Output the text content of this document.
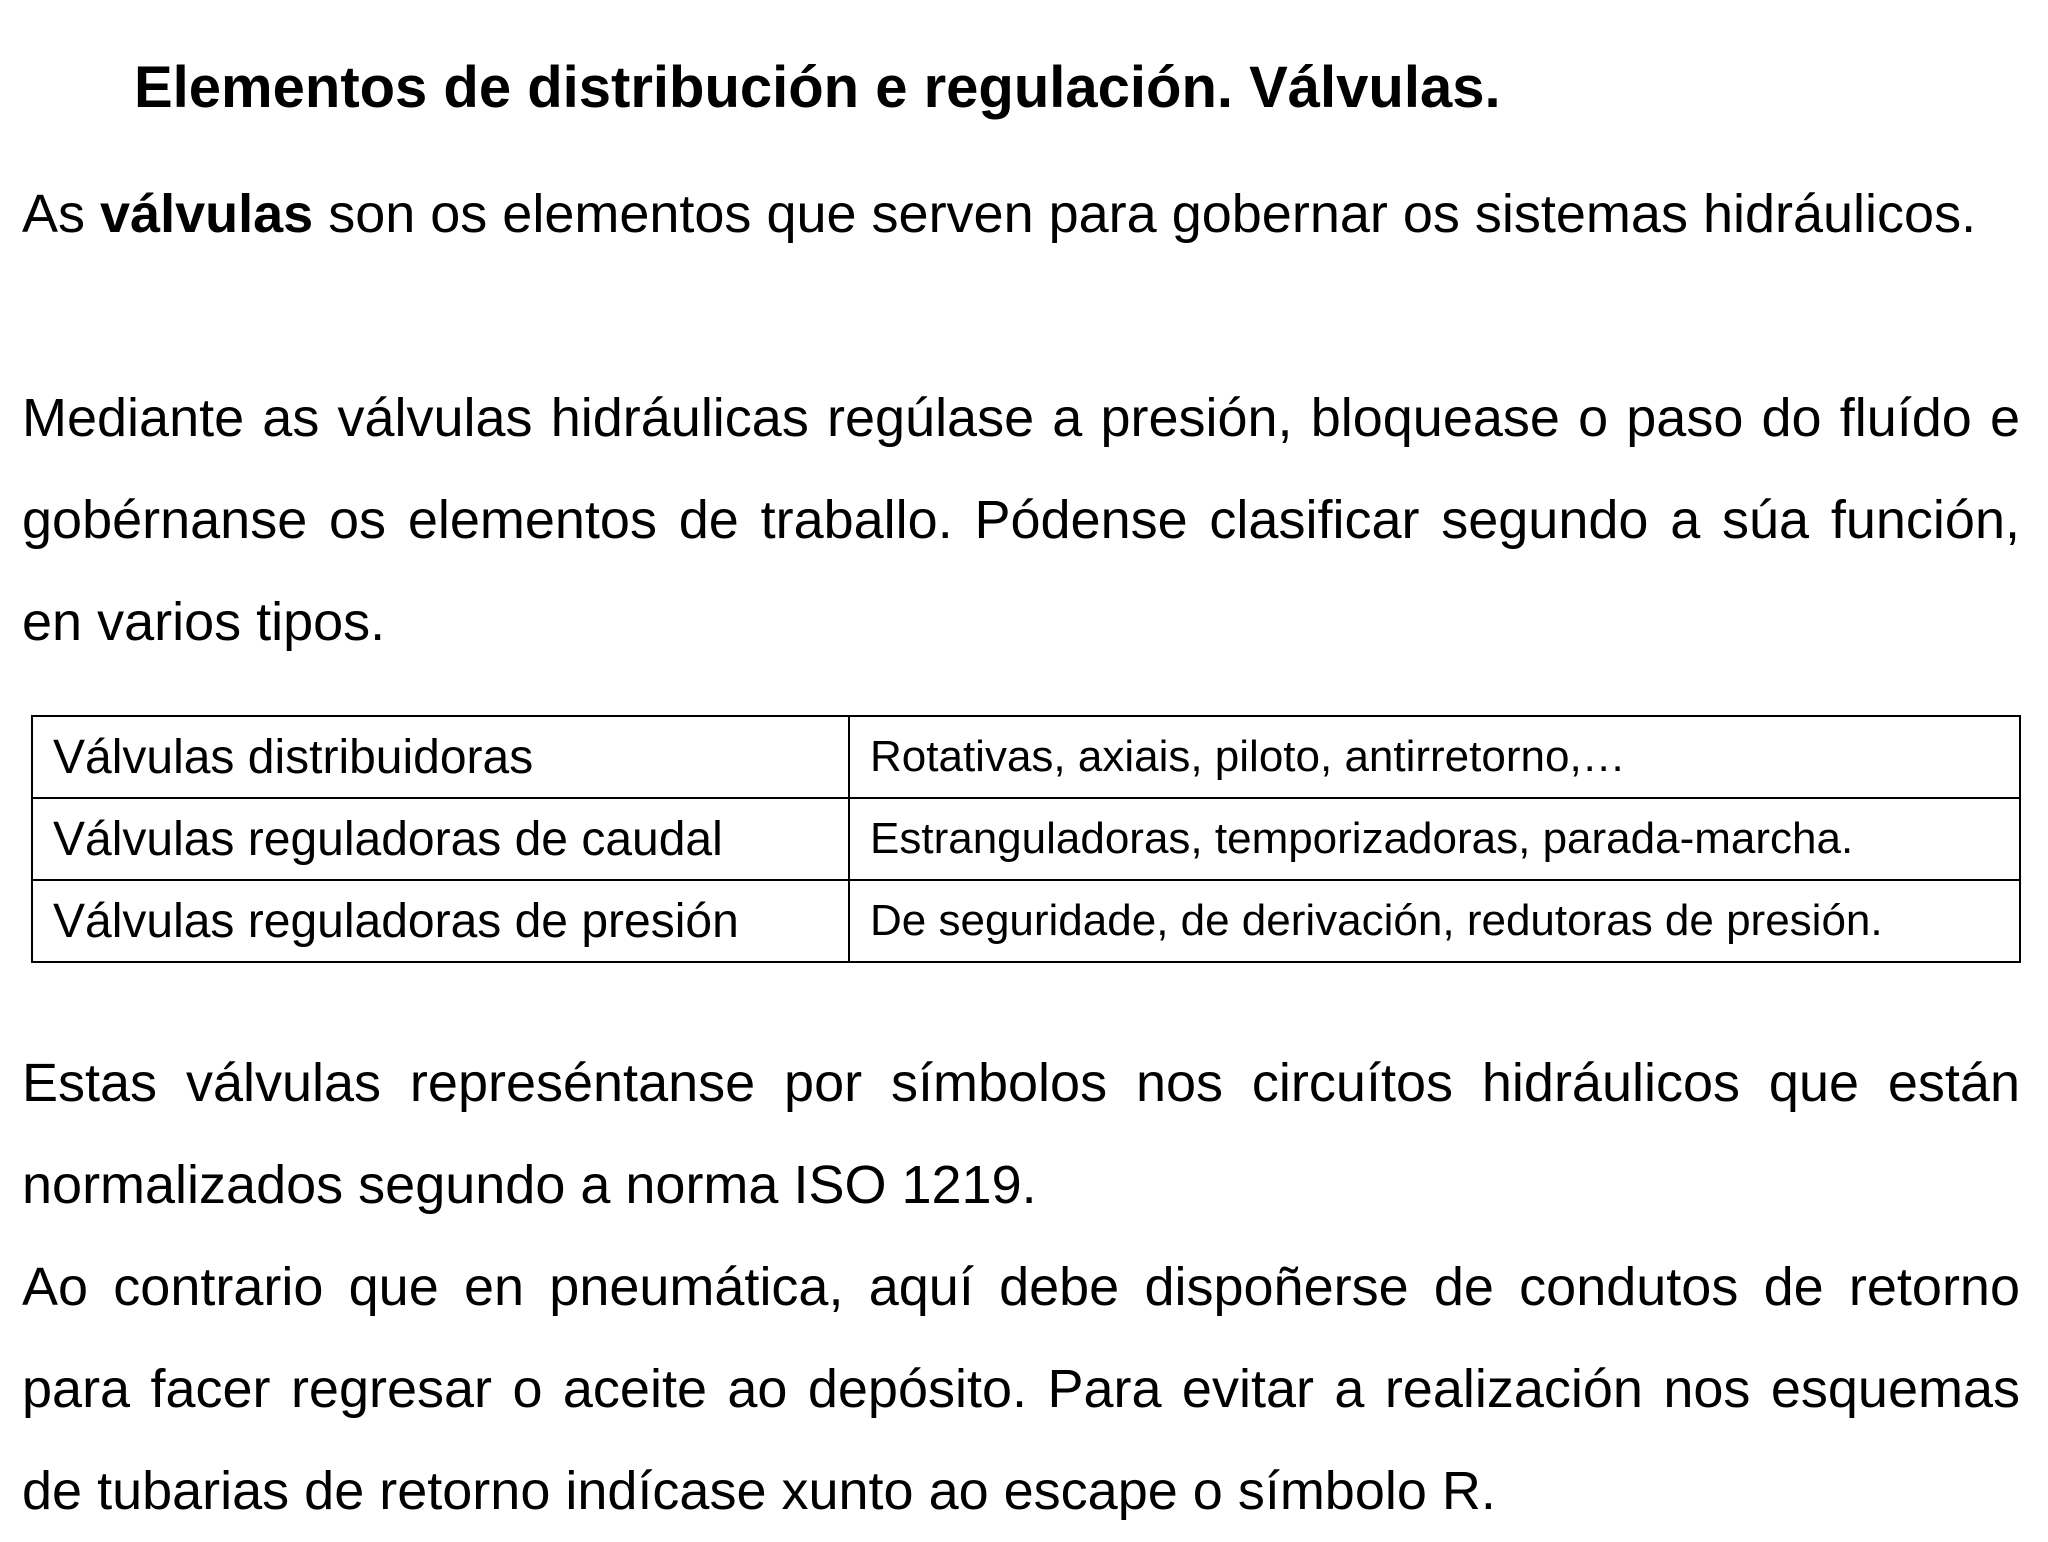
Elementos de distribución e regulación. Válvulas.

As válvulas son os elementos que serven para gobernar os sistemas hidráulicos.

Mediante as válvulas hidráulicas regúlase a presión, bloquease o paso do fluído e gobérnanse os elementos de traballo. Pódense clasificar segundo a súa función, en varios tipos.

Válvulas distribuidoras	Rotativas, axiais, piloto, antirretorno,…
Válvulas reguladoras de caudal	Estranguladoras, temporizadoras, parada-marcha.
Válvulas reguladoras de presión	De seguridade, de derivación, redutoras de presión.

Estas válvulas represéntanse por símbolos nos circuítos hidráulicos que están normalizados segundo a norma ISO 1219.

Ao contrario que en pneumática, aquí debe dispoñerse de condutos de retorno para facer regresar o aceite ao depósito. Para evitar a realización nos esquemas de tubarias de retorno indícase xunto ao escape o símbolo R.
